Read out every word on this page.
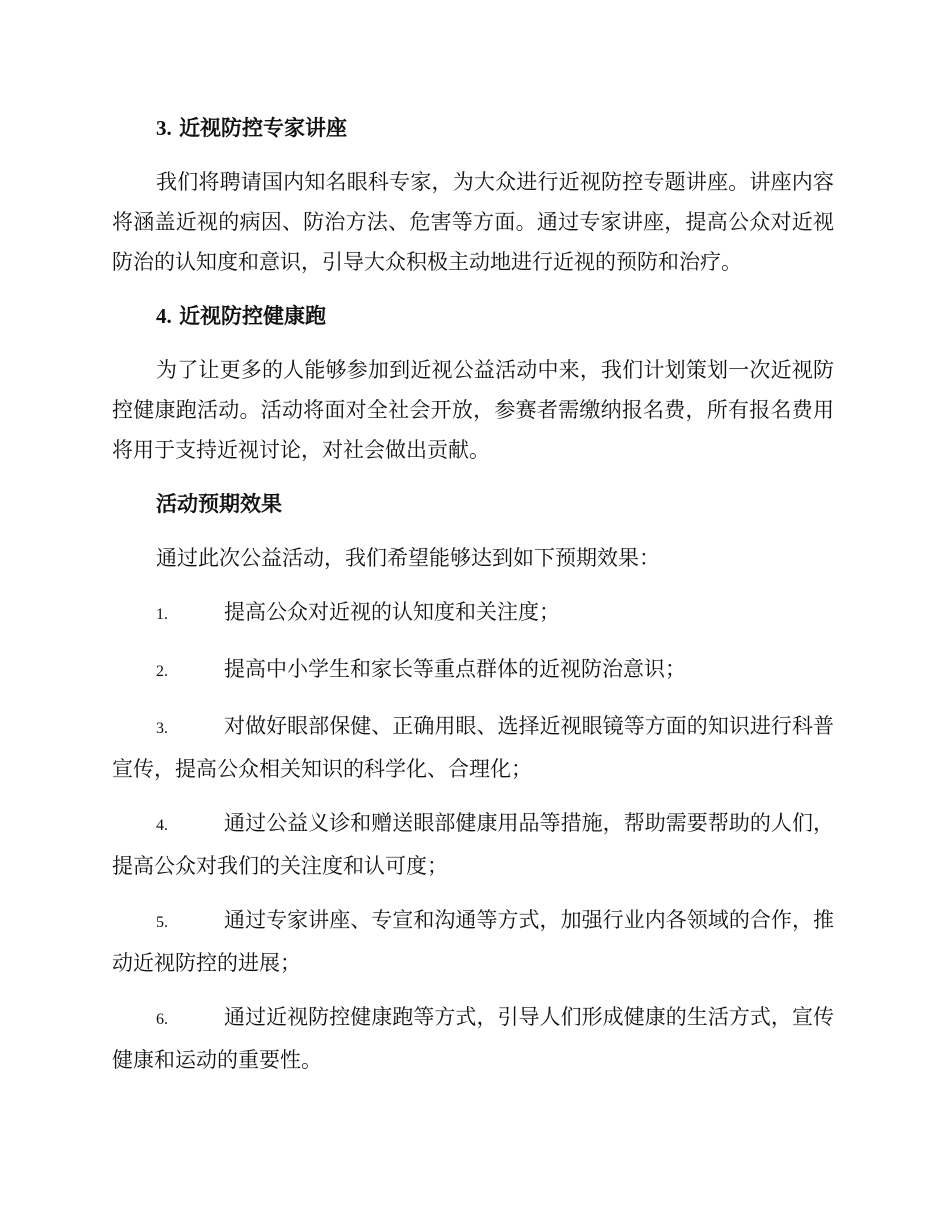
3. 近视防控专家讲座
我们将聘请国内知名眼科专家，为大众进行近视防控专题讲座。讲座内容将涵盖近视的病因、防治方法、危害等方面。通过专家讲座，提高公众对近视防治的认知度和意识，引导大众积极主动地进行近视的预防和治疗。
4. 近视防控健康跑
为了让更多的人能够参加到近视公益活动中来，我们计划策划一次近视防控健康跑活动。活动将面对全社会开放，参赛者需缴纳报名费，所有报名费用将用于支持近视讨论，对社会做出贡献。
活动预期效果
通过此次公益活动，我们希望能够达到如下预期效果：
1.	提高公众对近视的认知度和关注度；
2.	提高中小学生和家长等重点群体的近视防治意识；
3.	对做好眼部保健、正确用眼、选择近视眼镜等方面的知识进行科普宣传，提高公众相关知识的科学化、合理化；
4.	通过公益义诊和赠送眼部健康用品等措施，帮助需要帮助的人们，提高公众对我们的关注度和认可度；
5.	通过专家讲座、专宣和沟通等方式，加强行业内各领域的合作，推动近视防控的进展；
6.	通过近视防控健康跑等方式，引导人们形成健康的生活方式，宣传健康和运动的重要性。
